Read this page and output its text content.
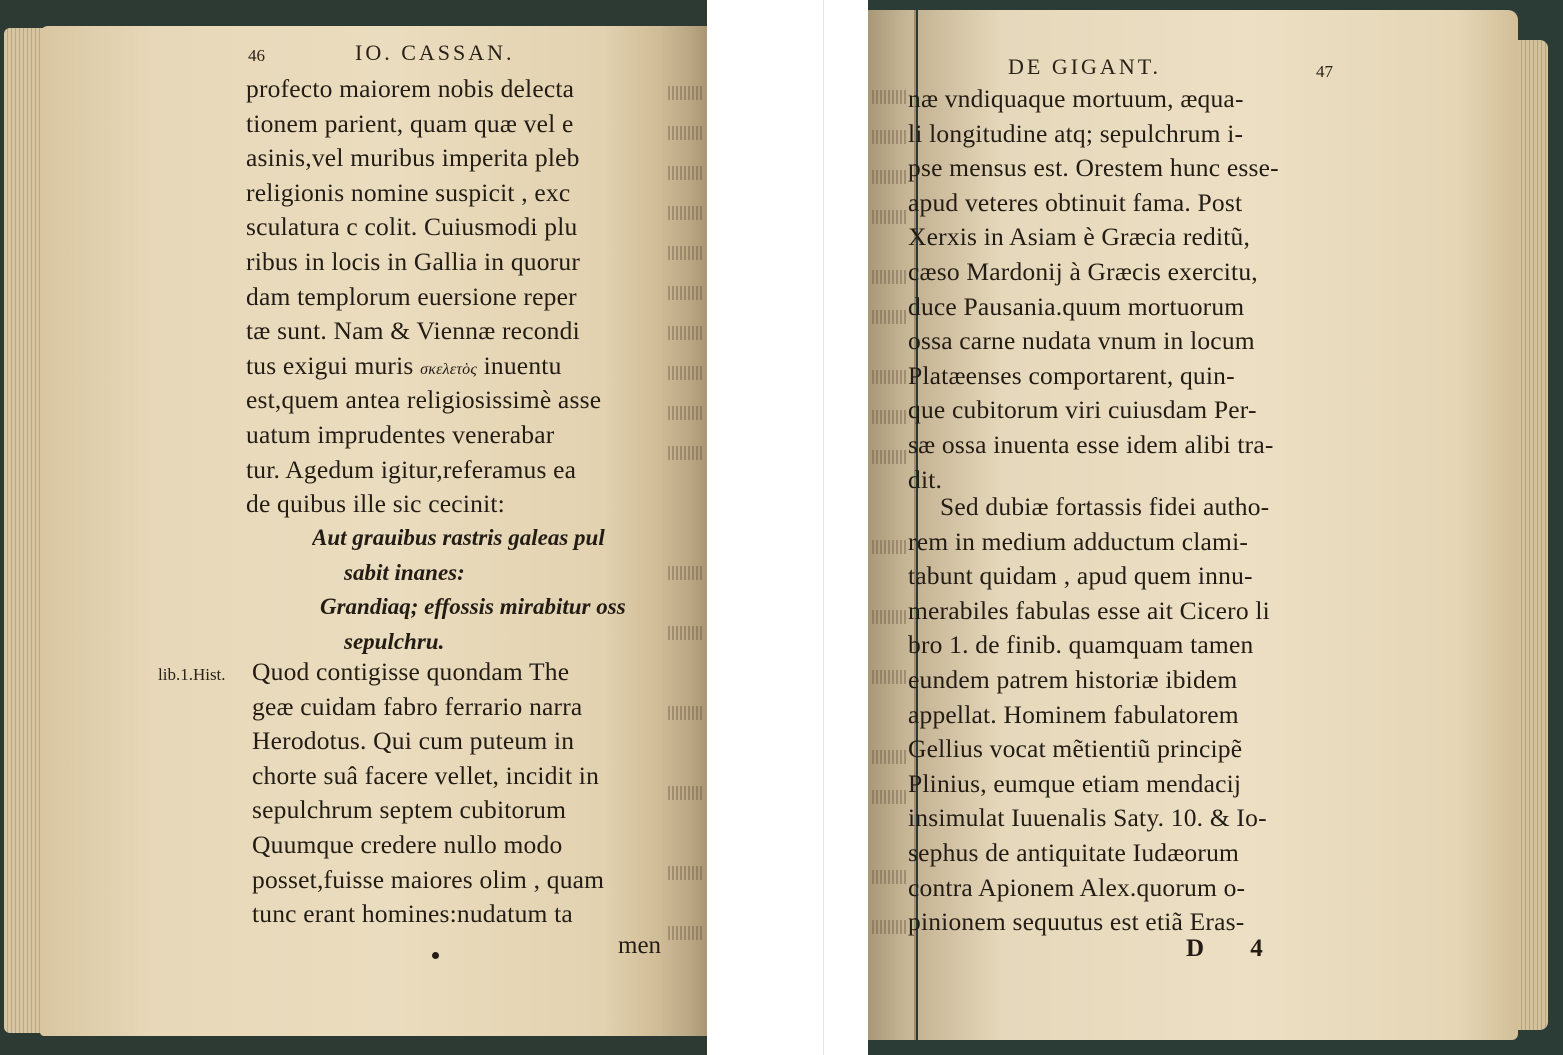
46	IO. CASSAN.
profecto maiorem nobis delecta
tionem parient, quam quæ vel e
asinis,vel muribus imperita pleb
religionis nomine suspicit , exc
sculatura c colit. Cuiusmodi plu
ribus in locis in Gallia in quorur
dam templorum euersione reper
tæ sunt. Nam & Viennæ recondi
tus exigui muris σκελετὸς inuentu
est,quem antea religiosissimè asse
uatum imprudentes venerabar
tur. Agedum igitur,referamus ea
de quibus ille sic cecinit:
Aut grauibus rastris galeas pul
sabit inanes:
Grandiaq; effossis mirabitur oss
sepulchru.
lib.1.Hist. Quod contigisse quondam The
geæ cuidam fabro ferrario narra
Herodotus. Qui cum puteum in
chorte suâ facere vellet, incidit in
sepulchrum septem cubitorum
Quumque credere nullo modo
posset,fuisse maiores olim , quam
tunc erant homines:nudatum ta
men
DE GIGANT.	47
næ vndiquaque mortuum, æqua-
li longitudine atq; sepulchrum i-
pse mensus est. Orestem hunc esse-
apud veteres obtinuit fama. Post
Xerxis in Asiam è Græcia reditũ,
cæso Mardonij à Græcis exercitu,
duce Pausania.quum mortuorum
ossa carne nudata vnum in locum
Platæenses comportarent, quin-
que cubitorum viri cuiusdam Per-
sæ ossa inuenta esse idem alibi tra-
dit.
Sed dubiæ fortassis fidei autho-
rem in medium adductum clami-
tabunt quidam , apud quem innu-
merabiles fabulas esse ait Cicero li
bro 1. de finib. quamquam tamen
eundem patrem historiæ ibidem
appellat. Hominem fabulatorem
Gellius vocat mẽtientiũ principẽ
Plinius, eumque etiam mendacij
insimulat Iuuenalis Saty. 10. & Io-
sephus de antiquitate Iudæorum
contra Apionem Alex.quorum o-
pinionem sequutus est etiã Eras-
D 4
